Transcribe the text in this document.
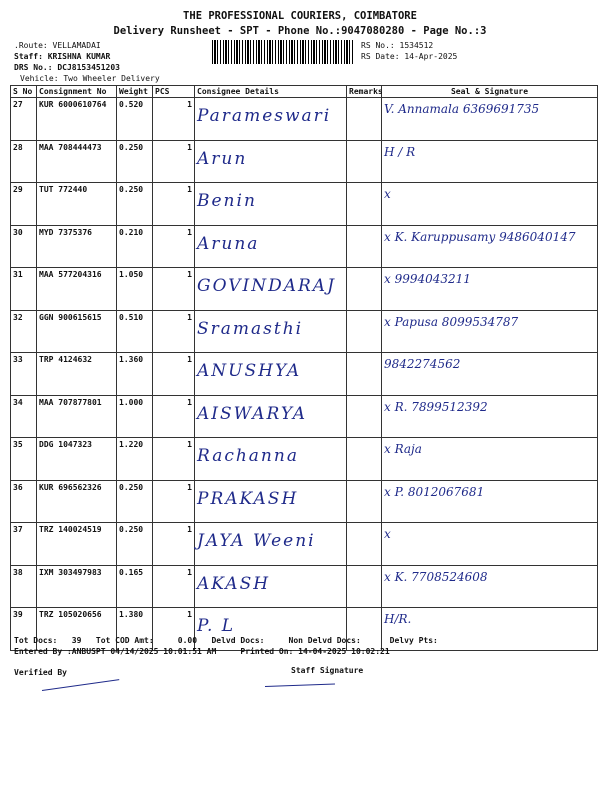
THE PROFESSIONAL COURIERS, COIMBATORE
Delivery Runsheet - SPT - Phone No.:9047080280 - Page No.:3
.Route: VELLAMADAI
Staff: KRISHNA KUMAR
DRS No.: DCJ8153451203
Vehicle: Two Wheeler Delivery
RS No.: 1534512
RS Date: 14-Apr-2025
S No	Consignment No	Weight	PCS	Consignee Details	Remarks	Seal & Signature
27	KUR 6000610764	0.520	1	Parameswari		V. Annamala 6369691735

28	MAA 708444473	0.250	1	Arun		H / R

29	TUT 772440	0.250	1	Benin		x

30	MYD 7375376	0.210	1	Aruna		x K. Karuppusamy 9486040147

31	MAA 577204316	1.050	1	GOVINDARAJ		x 9994043211

32	GGN 900615615	0.510	1	Sramasthi		x Papusa 8099534787

33	TRP 4124632	1.360	1	ANUSHYA		9842274562

34	MAA 707877801	1.000	1	AISWARYA		x R. 7899512392

35	DDG 1047323	1.220	1	Rachanna		x Raja

36	KUR 696562326	0.250	1	PRAKASH		x P. 8012067681

37	TRZ 140024519	0.250	1	JAYA Weeni		x

38	IXM 303497983	0.165	1	AKASH		x K. 7708524608

39	TRZ 105020656	1.380	1	P. L		H/R.
Tot Docs:   39   Tot COD Amt:     0.00   Delvd Docs:     Non Delvd Docs:      Delvy Pts:
Entered By :ANBUSPT 04/14/2025 10:01:51 AM     Printed On: 14-04-2025 10:02:21
Verified By	Staff Signature
